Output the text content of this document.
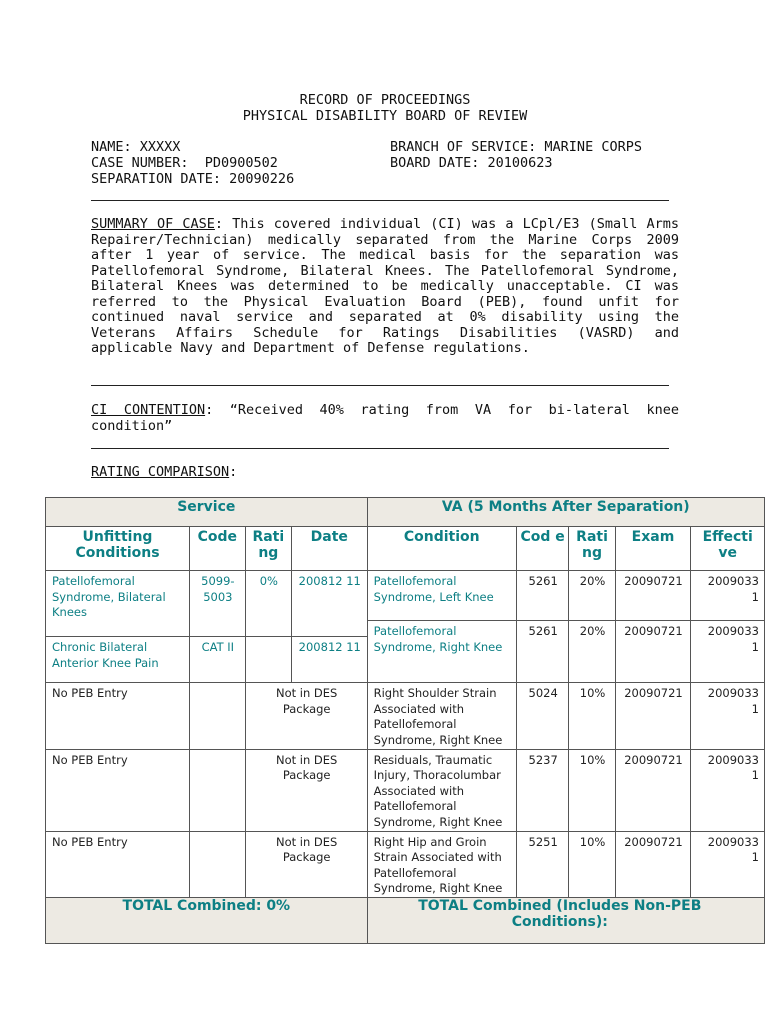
RECORD OF PROCEEDINGS
PHYSICAL DISABILITY BOARD OF REVIEW
NAME: XXXXX
CASE NUMBER:  PD0900502
SEPARATION DATE: 20090226
BRANCH OF SERVICE: MARINE CORPS
BOARD DATE: 20100623
SUMMARY OF CASE: This covered individual (CI) was a LCpl/E3 (Small Arms Repairer/Technician) medically separated from the Marine Corps 2009 after 1 year of service. The medical basis for the separation was Patellofemoral Syndrome, Bilateral Knees. The Patellofemoral Syndrome, Bilateral Knees was determined to be medically unacceptable. CI was referred to the Physical Evaluation Board (PEB), found unfit for continued naval service and separated at 0% disability using the Veterans Affairs Schedule for Ratings Disabilities (VASRD) and applicable Navy and Department of Defense regulations.
CI CONTENTION: “Received 40% rating from VA for bi-lateral knee condition”
RATING COMPARISON:
Service				VA (5 Months After Separation)				
Unfitting Conditions	Code	Rati ng	Date	Condition	Cod e	Rati ng	Exam	Effecti ve
Patellofemoral Syndrome, Bilateral Knees	5099-5003	0%	200812 11	Patellofemoral Syndrome, Left Knee	5261	20%	20090721	2009033 1
				Patellofemoral Syndrome, Right Knee	5261	20%	20090721	2009033 1
Chronic Bilateral Anterior Knee Pain	CAT II		200812 11					
No PEB Entry		Not in DES Package		Right Shoulder Strain Associated with Patellofemoral Syndrome, Right Knee	5024	10%	20090721	2009033 1
No PEB Entry		Not in DES Package		Residuals, Traumatic Injury, Thoracolumbar Associated with Patellofemoral Syndrome, Right Knee	5237	10%	20090721	2009033 1
No PEB Entry		Not in DES Package		Right Hip and Groin Strain Associated with Patellofemoral Syndrome, Right Knee	5251	10%	20090721	2009033 1
TOTAL Combined: 0%				TOTAL Combined (Includes Non-PEB Conditions):				
